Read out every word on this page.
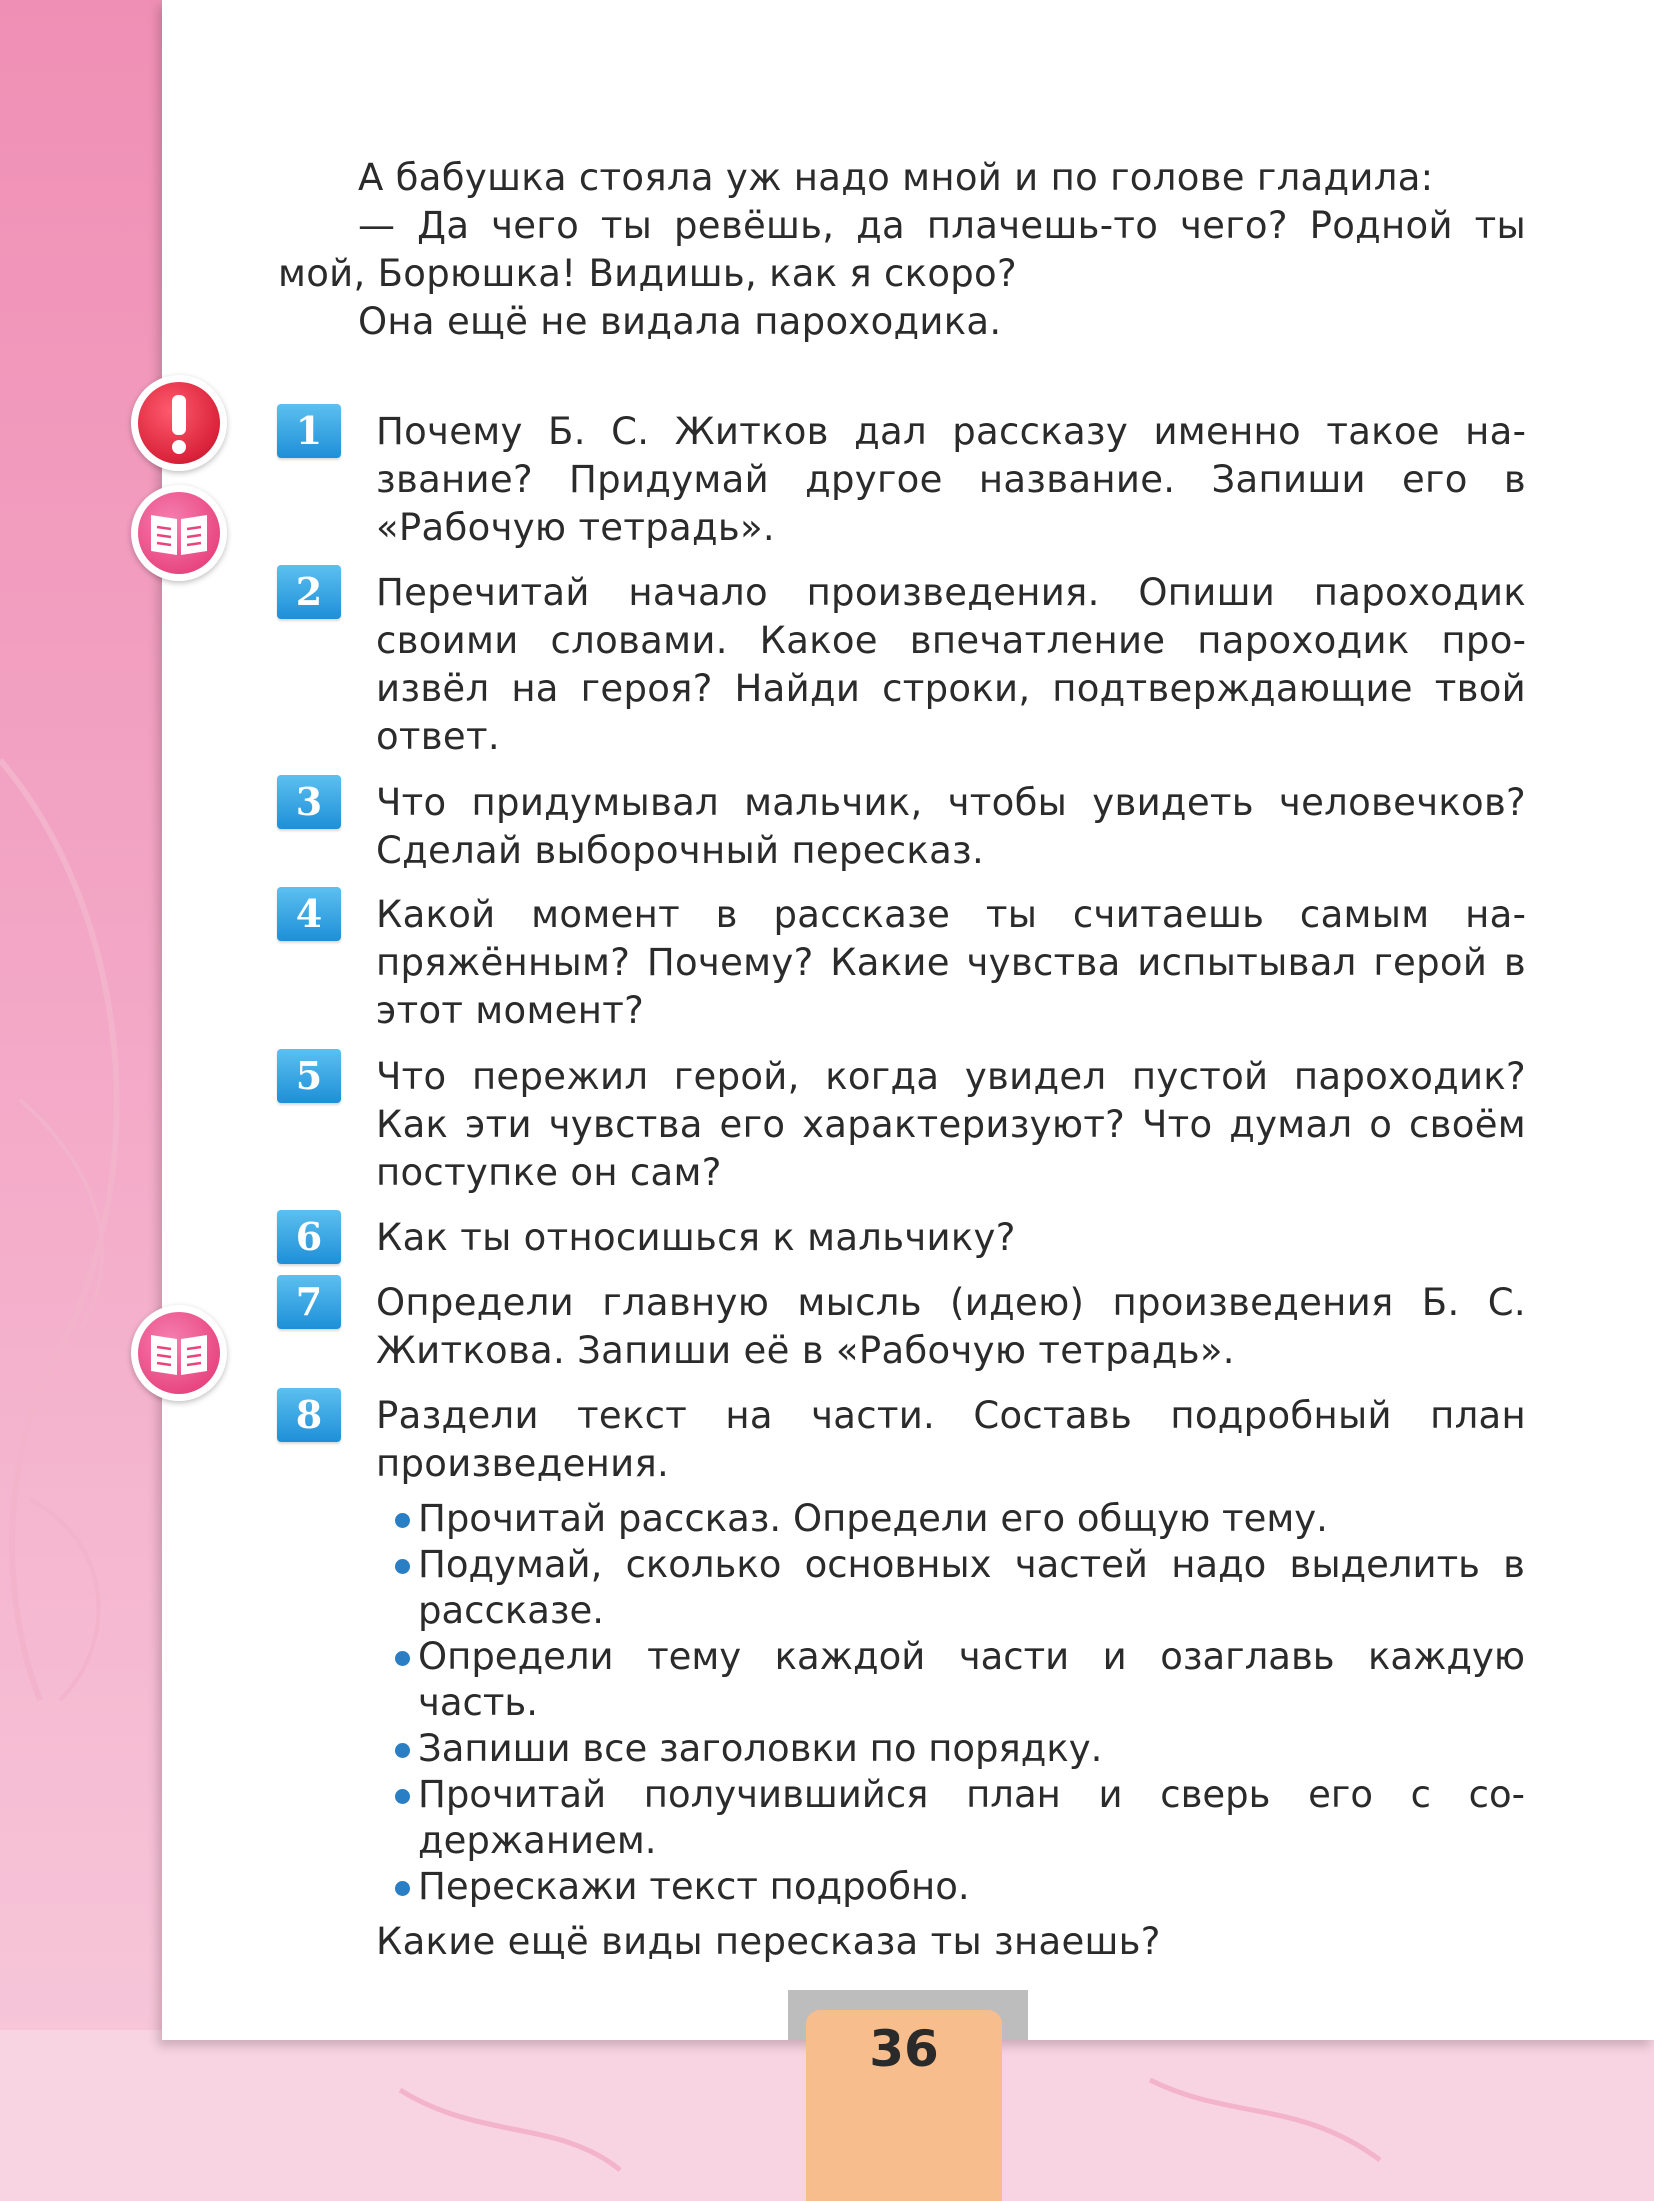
А бабушка стояла уж надо мной и по голове гладила:

— Да чего ты ревёшь, да плачешь-то чего? Родной ты мой, Борюшка! Видишь, как я скоро?

Она ещё не видала пароходика.

1	Почему Б. С. Житков дал рассказу именно такое название? Придумай другое название. Запиши его в «Рабочую тетрадь».
2	Перечитай начало произведения. Опиши пароходик своими словами. Какое впечатление пароходик произвёл на героя? Найди строки, подтверждающие твой ответ.
3	Что придумывал мальчик, чтобы увидеть человечков? Сделай выборочный пересказ.
4	Какой момент в рассказе ты считаешь самым напряжённым? Почему? Какие чувства испытывал герой в этот момент?
5	Что пережил герой, когда увидел пустой пароходик? Как эти чувства его характеризуют? Что думал о своём поступке он сам?
6	Как ты относишься к мальчику?
7	Определи главную мысль (идею) произведения Б. С. Житкова. Запиши её в «Рабочую тетрадь».
8	Раздели текст на части. Составь подробный план произведения.
Прочитай рассказ. Определи его общую тему.
Подумай, сколько основных частей надо выделить в рассказе.
Определи тему каждой части и озаглавь каждую часть.
Запиши все заголовки по порядку.
Прочитай получившийся план и сверь его с содержанием.
Перескажи текст подробно.
Какие ещё виды пересказа ты знаешь?
36
